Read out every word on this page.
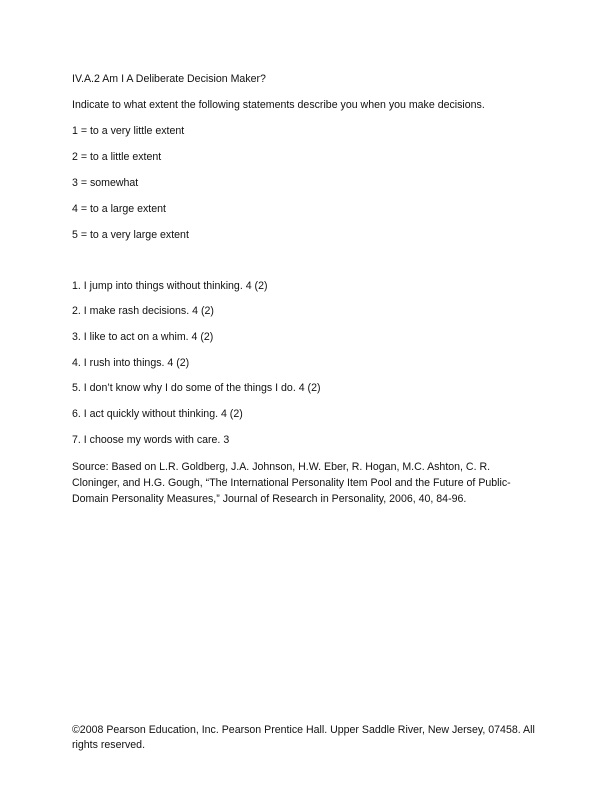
IV.A.2 Am I A Deliberate Decision Maker?
Indicate to what extent the following statements describe you when you make decisions.
1 = to a very little extent
2 = to a little extent
3 = somewhat
4 = to a large extent
5 = to a very large extent
1. I jump into things without thinking. 4 (2)
2. I make rash decisions. 4 (2)
3. I like to act on a whim. 4 (2)
4. I rush into things. 4 (2)
5. I don’t know why I do some of the things I do. 4 (2)
6. I act quickly without thinking. 4 (2)
7. I choose my words with care. 3
Source: Based on L.R. Goldberg, J.A. Johnson, H.W. Eber, R. Hogan, M.C. Ashton, C. R. Cloninger, and H.G. Gough, “The International Personality Item Pool and the Future of Public-Domain Personality Measures,” Journal of Research in Personality, 2006, 40, 84-96.
©2008 Pearson Education, Inc. Pearson Prentice Hall. Upper Saddle River, New Jersey, 07458. All rights reserved.
